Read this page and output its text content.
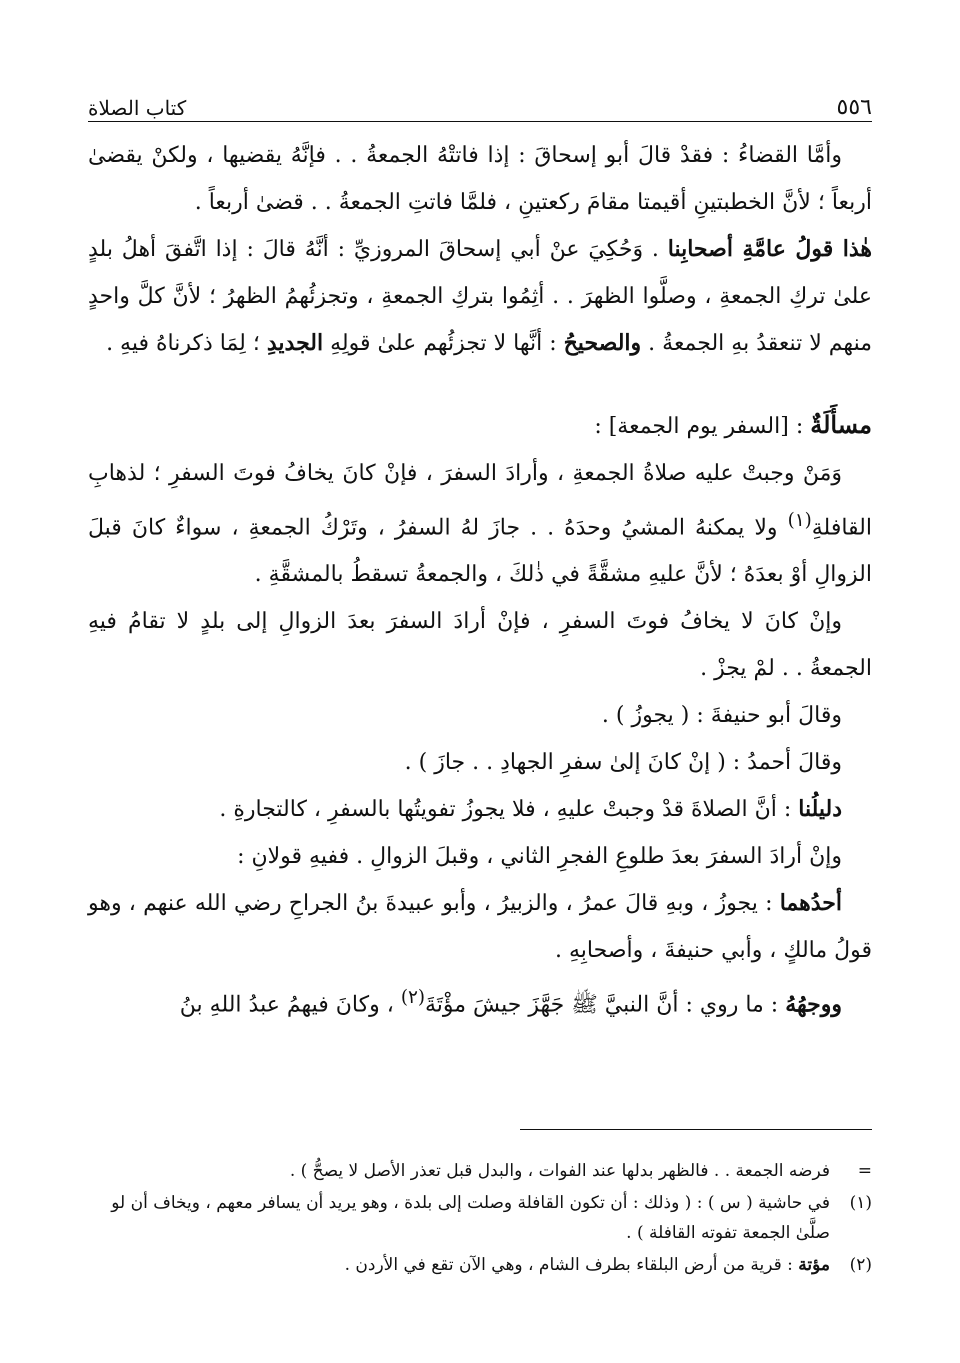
٥٥٦
كتاب الصلاة

وأمَّا القضاءُ : فقدْ قالَ أبو إسحاقَ : إذا فاتتْهُ الجمعةُ . . فإنَّهُ يقضيها ، ولكنْ يقضىٰ أربعاً ؛ لأنَّ الخطبتينِ أقيمتا مقامَ ركعتينِ ، فلمَّا فاتتِ الجمعةُ . . قضىٰ أربعاً .

هٰذا قولُ عامَّةِ أصحابِنا . وَحُكِيَ عنْ أبي إسحاقَ المروزيِّ : أنَّهُ قالَ : إذا اتَّفقَ أهلُ بلدٍ علىٰ تركِ الجمعةِ ، وصلَّوا الظهرَ . . أثِمُوا بتركِ الجمعةِ ، وتجزئُهمُ الظهرُ ؛ لأنَّ كلَّ واحدٍ منهم لا تنعقدُ بهِ الجمعةُ . والصحيحُ : أنَّها لا تجزئُهم علىٰ قولِهِ الجديدِ ؛ لِمَا ذكرناهُ فيهِ .

مسأَلَةٌ : [السفر يوم الجمعة] :

وَمَنْ وجبتْ عليه صلاةُ الجمعةِ ، وأرادَ السفرَ ، فإنْ كانَ يخافُ فوتَ السفرِ ؛ لذهابِ القافلةِ$^{(١)}$ ولا يمكنهُ المشيُ وحدَهُ . . جازَ لهُ السفرُ ، وتَرْكُ الجمعةِ ، سواءٌ كانَ قبلَ الزوالِ أوْ بعدَهُ ؛ لأنَّ عليهِ مشقَّةً في ذٰلكَ ، والجمعةُ تسقطُ بالمشقَّةِ .

وإنْ كانَ لا يخافُ فوتَ السفرِ ، فإنْ أرادَ السفرَ بعدَ الزوالِ إلى بلدٍ لا تقامُ فيهِ الجمعةُ . . لمْ يجزْ .

وقالَ أبو حنيفةَ : ( يجوزُ ) .

وقالَ أحمدُ : ( إنْ كانَ إلىٰ سفرِ الجهادِ . . جازَ ) .

دليلُنا : أنَّ الصلاةَ قدْ وجبتْ عليهِ ، فلا يجوزُ تفويتُها بالسفرِ ، كالتجارةِ .

وإنْ أرادَ السفرَ بعدَ طلوعِ الفجرِ الثاني ، وقبلَ الزوالِ . ففيهِ قولانِ :

أحدُهما : يجوزُ ، وبهِ قالَ عمرُ ، والزبيرُ ، وأبو عبيدةَ بنُ الجراحِ رضي الله عنهم ، وهو قولُ مالكٍ ، وأبي حنيفةَ ، وأصحابِهِ .

ووجهُهُ : ما روي : أنَّ النبيَّ ﷺ جَهَّزَ جيشَ مؤْتَةَ$^{(٢)}$ ، وكانَ فيهمُ عبدُ اللهِ بنُ

=
فرضه الجمعة . . فالظهر بدلها عند الفوات ، والبدل قبل تعذر الأصل لا يصحُّ ) .
(١)
في حاشية ( س ) : ( وذلك : أن تكون القافلة وصلت إلى بلدة ، وهو يريد أن يسافر معهم ، ويخاف أن لو صلَّىٰ الجمعة تفوته القافلة ) .
(٢)
مؤتة : قرية من أرض البلقاء بطرف الشام ، وهي الآن تقع في الأردن .
